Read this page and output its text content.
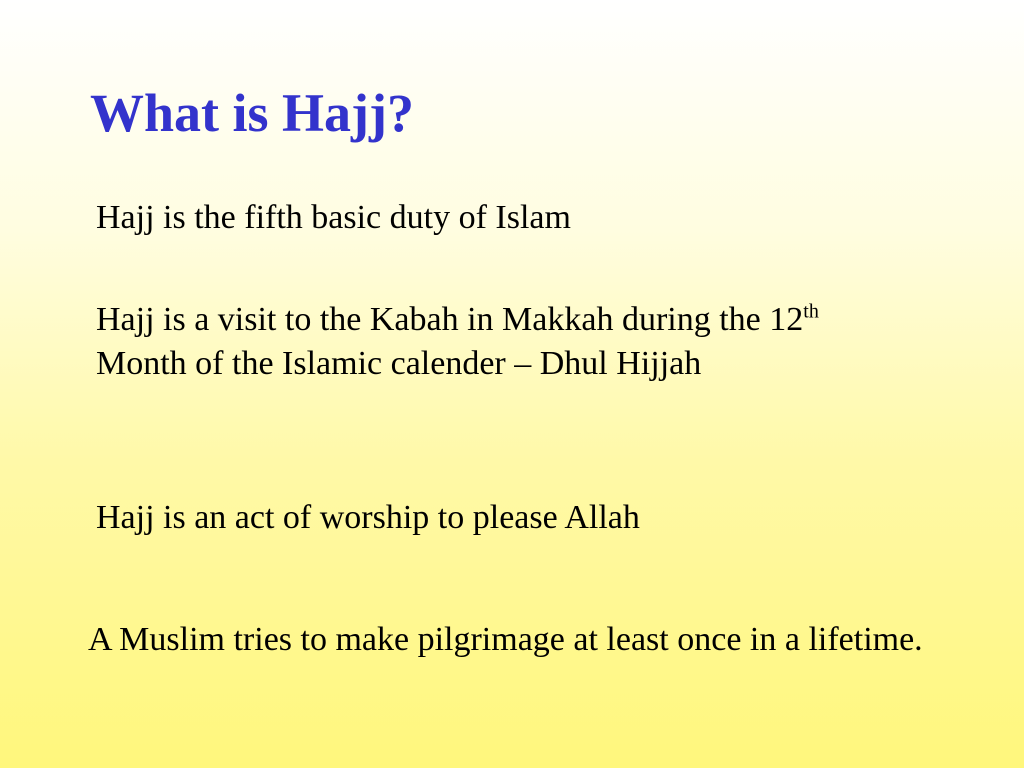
What is Hajj?

Hajj is the fifth basic duty of Islam

Hajj is a visit to the Kabah in Makkah during the 12th Month of the Islamic calender – Dhul Hijjah

Hajj is an act of worship to please Allah

A Muslim tries to make pilgrimage at least once in a lifetime.
